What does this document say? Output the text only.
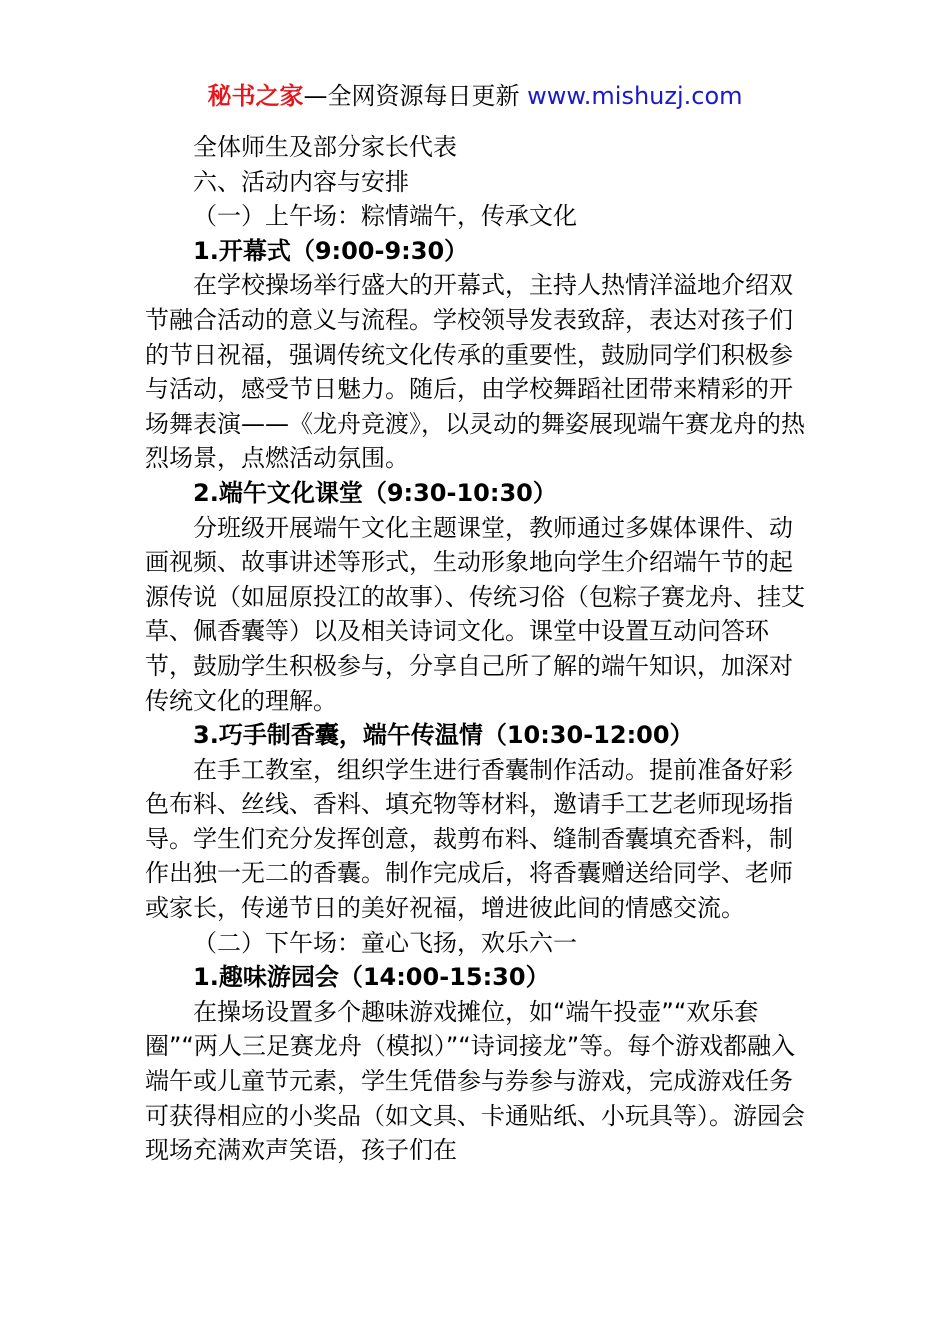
秘书之家—全网资源每日更新 www.mishuzj.com

全体师生及部分家长代表

六、活动内容与安排

（一）上午场：粽情端午，传承文化

1.开幕式（9:00-9:30）

在学校操场举行盛大的开幕式，主持人热情洋溢地介绍双节融合活动的意义与流程。学校领导发表致辞，表达对孩子们的节日祝福，强调传统文化传承的重要性，鼓励同学们积极参与活动，感受节日魅力。随后，由学校舞蹈社团带来精彩的开场舞表演——《龙舟竞渡》，以灵动的舞姿展现端午赛龙舟的热烈场景，点燃活动氛围。

2.端午文化课堂（9:30-10:30）

分班级开展端午文化主题课堂，教师通过多媒体课件、动画视频、故事讲述等形式，生动形象地向学生介绍端午节的起源传说（如屈原投江的故事）、传统习俗（包粽子赛龙舟、挂艾草、佩香囊等）以及相关诗词文化。课堂中设置互动问答环节，鼓励学生积极参与，分享自己所了解的端午知识，加深对传统文化的理解。

3.巧手制香囊，端午传温情（10:30-12:00）

在手工教室，组织学生进行香囊制作活动。提前准备好彩色布料、丝线、香料、填充物等材料，邀请手工艺老师现场指导。学生们充分发挥创意，裁剪布料、缝制香囊填充香料，制作出独一无二的香囊。制作完成后，将香囊赠送给同学、老师或家长，传递节日的美好祝福，增进彼此间的情感交流。

（二）下午场：童心飞扬，欢乐六一

1.趣味游园会（14:00-15:30）

在操场设置多个趣味游戏摊位，如“端午投壶”“欢乐套圈”“两人三足赛龙舟（模拟）”“诗词接龙”等。每个游戏都融入端午或儿童节元素，学生凭借参与券参与游戏，完成游戏任务可获得相应的小奖品（如文具、卡通贴纸、小玩具等）。游园会现场充满欢声笑语，孩子们在
